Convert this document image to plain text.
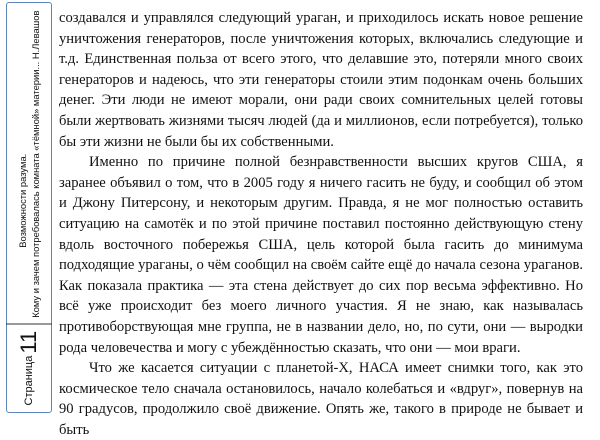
Страница
11
Возможности разума. Кому и зачем потребовалась комната «тёмной» материи... Н.Левашов создавался и управлялся следующий ураган, и приходилось искать новое решение уничтожения генераторов, после уничтожения которых, включались следующие и т.д. Единственная польза от всего этого, что делавшие это, потеряли много своих генераторов и надеюсь, что эти генераторы стоили этим подонкам очень больших денег. Эти люди не имеют морали, они ради своих сомнительных целей готовы были жертвовать жизнями тысяч людей (да и миллионов, если потребуется), только бы эти жизни не были бы их собственными.

Именно по причине полной безнравственности высших кругов США, я заранее объявил о том, что в 2005 году я ничего гасить не буду, и сообщил об этом и Джону Питерсону, и некоторым другим. Правда, я не мог полностью оставить ситуацию на самотёк и по этой причине поставил постоянно действующую стену вдоль восточного побережья США, цель которой была гасить до минимума подходящие ураганы, о чём сообщил на своём сайте ещё до начала сезона ураганов. Как показала практика — эта стена действует до сих пор весьма эффективно. Но всё уже происходит без моего личного участия. Я не знаю, как называлась противоборствующая мне группа, не в названии дело, но, по сути, они — выродки рода человечества и могу с убеждённостью сказать, что они — мои враги.

Что же касается ситуации с планетой-Х, НАСА имеет снимки того, как это космическое тело сначала остановилось, начало колебаться и «вдруг», повернув на 90 градусов, продолжило своё движение. Опять же, такого в природе не бывает и быть
